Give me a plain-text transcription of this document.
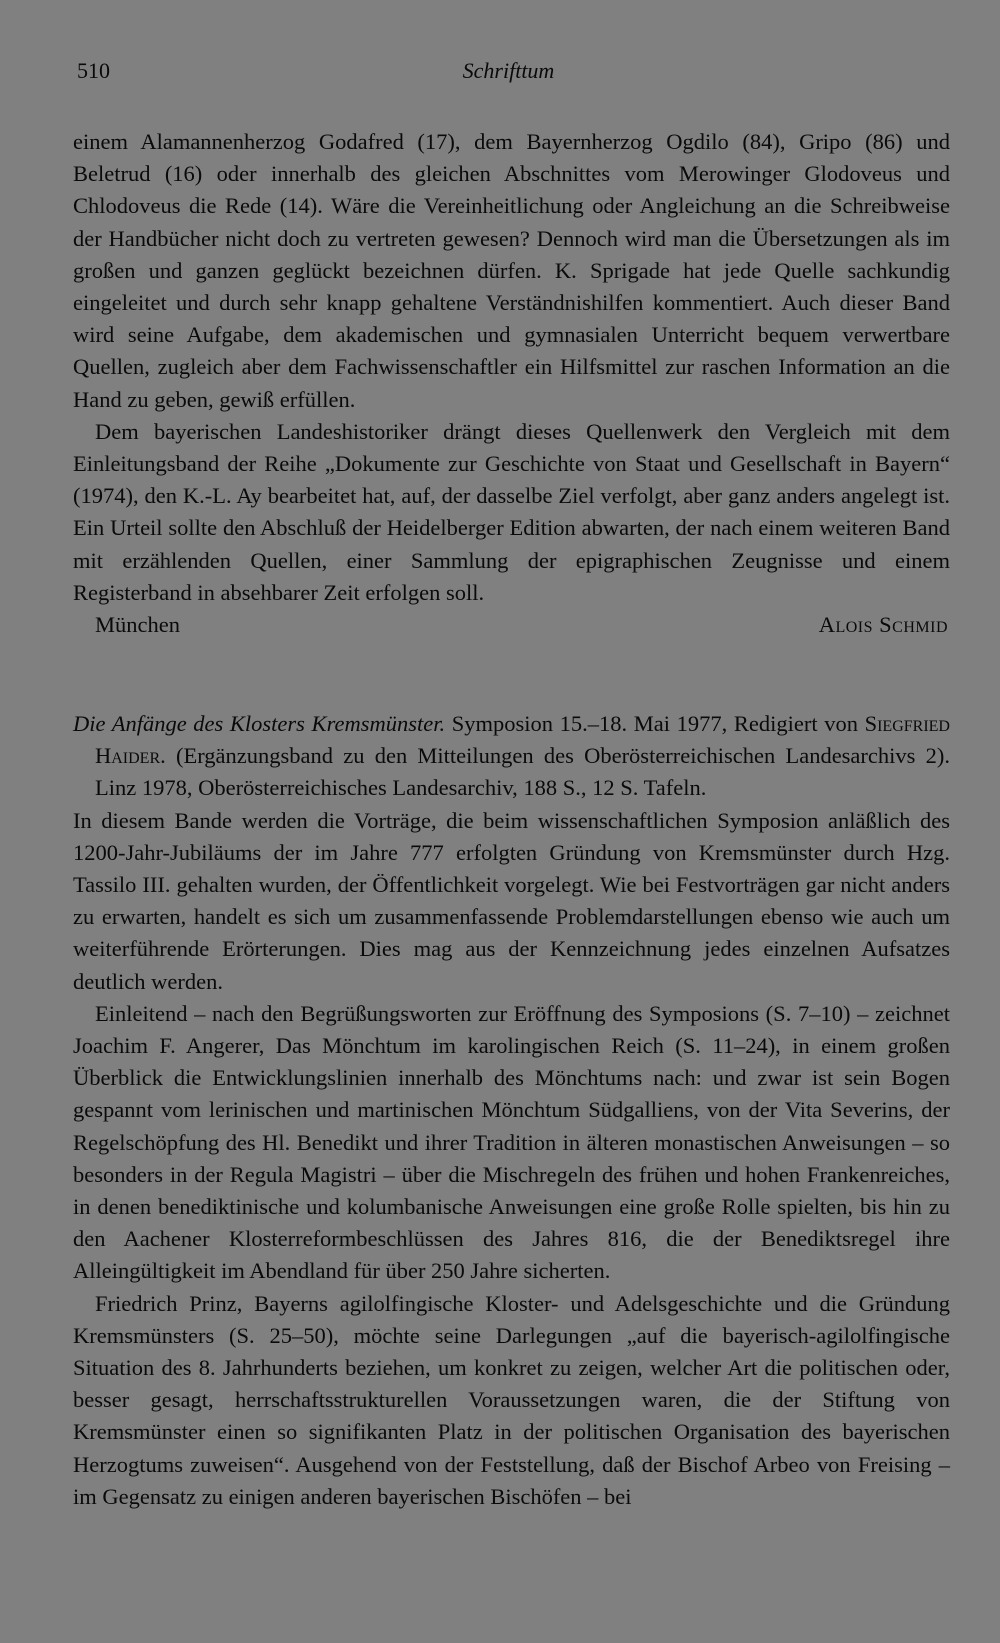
510	Schrifttum

einem Alamannenherzog Godafred (17), dem Bayernherzog Ogdilo (84), Gripo (86) und Beletrud (16) oder innerhalb des gleichen Abschnittes vom Merowinger Glodoveus und Chlodoveus die Rede (14). Wäre die Vereinheitlichung oder Angleichung an die Schreibweise der Handbücher nicht doch zu vertreten gewesen? Dennoch wird man die Übersetzungen als im großen und ganzen geglückt bezeichnen dürfen. K. Sprigade hat jede Quelle sachkundig eingeleitet und durch sehr knapp gehaltene Verständnishilfen kommentiert. Auch dieser Band wird seine Aufgabe, dem akademischen und gymnasialen Unterricht bequem verwertbare Quellen, zugleich aber dem Fachwissenschaftler ein Hilfsmittel zur raschen Information an die Hand zu geben, gewiß erfüllen.

Dem bayerischen Landeshistoriker drängt dieses Quellenwerk den Vergleich mit dem Einleitungsband der Reihe „Dokumente zur Geschichte von Staat und Gesellschaft in Bayern“ (1974), den K.-L. Ay bearbeitet hat, auf, der dasselbe Ziel verfolgt, aber ganz anders angelegt ist. Ein Urteil sollte den Abschluß der Heidelberger Edition abwarten, der nach einem weiteren Band mit erzählenden Quellen, einer Sammlung der epigraphischen Zeugnisse und einem Registerband in absehbarer Zeit erfolgen soll.

München	Alois Schmid

Die Anfänge des Klosters Kremsmünster. Symposion 15.–18. Mai 1977, Redigiert von Siegfried Haider. (Ergänzungsband zu den Mitteilungen des Oberösterreichischen Landesarchivs 2). Linz 1978, Oberösterreichisches Landesarchiv, 188 S., 12 S. Tafeln.

In diesem Bande werden die Vorträge, die beim wissenschaftlichen Symposion anläßlich des 1200-Jahr-Jubiläums der im Jahre 777 erfolgten Gründung von Kremsmünster durch Hzg. Tassilo III. gehalten wurden, der Öffentlichkeit vorgelegt. Wie bei Festvorträgen gar nicht anders zu erwarten, handelt es sich um zusammenfassende Problemdarstellungen ebenso wie auch um weiterführende Erörterungen. Dies mag aus der Kennzeichnung jedes einzelnen Aufsatzes deutlich werden.

Einleitend – nach den Begrüßungsworten zur Eröffnung des Symposions (S. 7–10) – zeichnet Joachim F. Angerer, Das Mönchtum im karolingischen Reich (S. 11–24), in einem großen Überblick die Entwicklungslinien innerhalb des Mönchtums nach: und zwar ist sein Bogen gespannt vom lerinischen und martinischen Mönchtum Südgalliens, von der Vita Severins, der Regelschöpfung des Hl. Benedikt und ihrer Tradition in älteren monastischen Anweisungen – so besonders in der Regula Magistri – über die Mischregeln des frühen und hohen Frankenreiches, in denen benediktinische und kolumbanische Anweisungen eine große Rolle spielten, bis hin zu den Aachener Klosterreformbeschlüssen des Jahres 816, die der Benediktsregel ihre Alleingültigkeit im Abendland für über 250 Jahre sicherten.

Friedrich Prinz, Bayerns agilolfingische Kloster- und Adelsgeschichte und die Gründung Kremsmünsters (S. 25–50), möchte seine Darlegungen „auf die bayerisch-agilolfingische Situation des 8. Jahrhunderts beziehen, um konkret zu zeigen, welcher Art die politischen oder, besser gesagt, herrschaftsstrukturellen Voraussetzungen waren, die der Stiftung von Kremsmünster einen so signifikanten Platz in der politischen Organisation des bayerischen Herzogtums zuweisen“. Ausgehend von der Feststellung, daß der Bischof Arbeo von Freising – im Gegensatz zu einigen anderen bayerischen Bischöfen – bei
